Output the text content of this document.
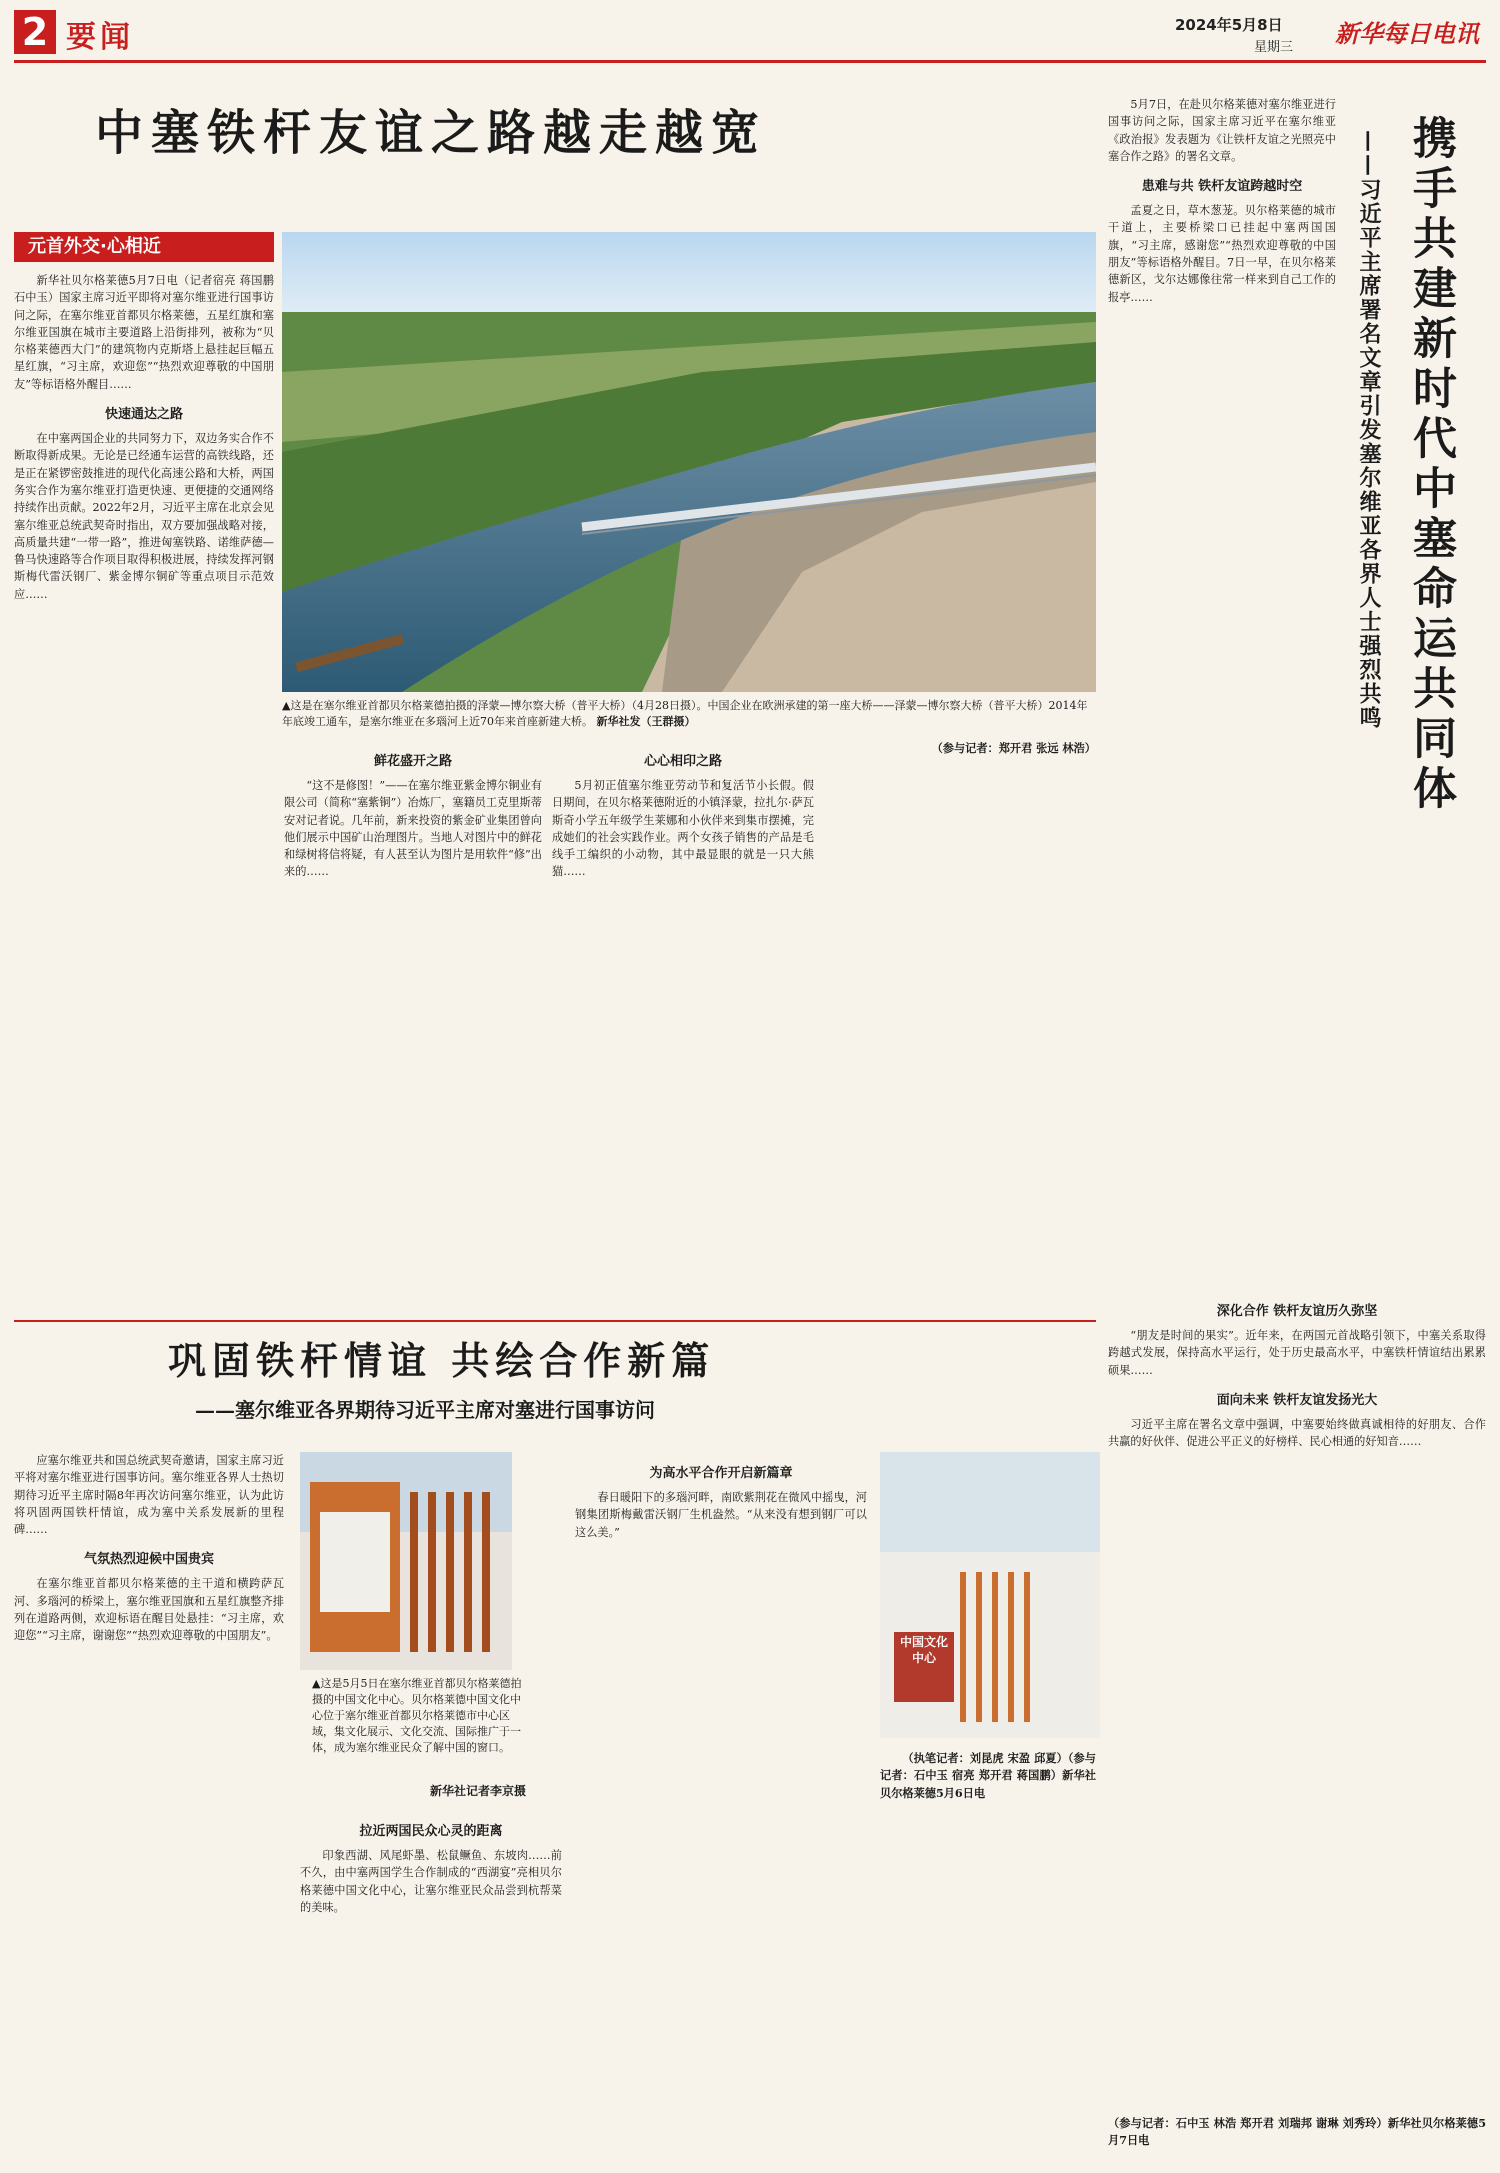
2 要闻	2024年5月8日
星期三 新华每日电讯
中塞铁杆友谊之路越走越宽
元首外交·心相近
▲这是在塞尔维亚首都贝尔格莱德拍摄的泽蒙—博尔察大桥（普平大桥）（4月28日摄）。中国企业在欧洲承建的第一座大桥——泽蒙—博尔察大桥（普平大桥）2014年年底竣工通车，是塞尔维亚在多瑙河上近70年来首座新建大桥。 新华社发（王群摄）

新华社贝尔格莱德5月7日电（记者宿亮 蒋国鹏 石中玉）国家主席习近平即将对塞尔维亚进行国事访问之际，在塞尔维亚首都贝尔格莱德，五星红旗和塞尔维亚国旗在城市主要道路上沿街排列，被称为“贝尔格莱德西大门”的建筑物内克斯塔上悬挂起巨幅五星红旗，“习主席，欢迎您”“热烈欢迎尊敬的中国朋友”等标语格外醒目……

快速通达之路

在中塞两国企业的共同努力下，双边务实合作不断取得新成果。无论是已经通车运营的高铁线路，还是正在紧锣密鼓推进的现代化高速公路和大桥，两国务实合作为塞尔维亚打造更快速、更便捷的交通网络持续作出贡献。2022年2月，习近平主席在北京会见塞尔维亚总统武契奇时指出，双方要加强战略对接，高质量共建“一带一路”，推进匈塞铁路、诺维萨德—鲁马快速路等合作项目取得积极进展，持续发挥河钢斯梅代雷沃钢厂、紫金博尔铜矿等重点项目示范效应……

鲜花盛开之路

“这不是修图！”——在塞尔维亚紫金博尔铜业有限公司（简称“塞紫铜”）冶炼厂，塞籍员工克里斯蒂安对记者说。几年前，新来投资的紫金矿业集团曾向他们展示中国矿山治理图片。当地人对图片中的鲜花和绿树将信将疑，有人甚至认为图片是用软件“修”出来的……

心心相印之路

5月初正值塞尔维亚劳动节和复活节小长假。假日期间，在贝尔格莱德附近的小镇泽蒙，拉扎尔·萨瓦斯奇小学五年级学生莱娜和小伙伴来到集市摆摊，完成她们的社会实践作业。两个女孩子销售的产品是毛线手工编织的小动物，其中最显眼的就是一只大熊猫……

（参与记者：郑开君 张远 林浩）	携手共建新时代中塞命运共同体
——习近平主席署名文章引发塞尔维亚各界人士强烈共鸣

5月7日，在赴贝尔格莱德对塞尔维亚进行国事访问之际，国家主席习近平在塞尔维亚《政治报》发表题为《让铁杆友谊之光照亮中塞合作之路》的署名文章。

患难与共 铁杆友谊跨越时空

孟夏之日，草木葱茏。贝尔格莱德的城市干道上，主要桥梁口已挂起中塞两国国旗，“习主席，感谢您”“热烈欢迎尊敬的中国朋友”等标语格外醒目。7日一早，在贝尔格莱德新区，戈尔达娜像往常一样来到自己工作的报亭……

深化合作 铁杆友谊历久弥坚

“朋友是时间的果实”。近年来，在两国元首战略引领下，中塞关系取得跨越式发展，保持高水平运行，处于历史最高水平，中塞铁杆情谊结出累累硕果……

面向未来 铁杆友谊发扬光大

习近平主席在署名文章中强调，中塞要始终做真诚相待的好朋友、合作共赢的好伙伴、促进公平正义的好榜样、民心相通的好知音……

（参与记者：石中玉 林浩 郑开君 刘瑞邦 谢琳 刘秀玲）新华社贝尔格莱德5月7日电
巩固铁杆情谊 共绘合作新篇
——塞尔维亚各界期待习近平主席对塞进行国事访问
▲这是5月5日在塞尔维亚首都贝尔格莱德拍摄的中国文化中心。贝尔格莱德中国文化中心位于塞尔维亚首都贝尔格莱德市中心区域，集文化展示、文化交流、国际推广于一体，成为塞尔维亚民众了解中国的窗口。
新华社记者李京摄
中国文化中心

应塞尔维亚共和国总统武契奇邀请，国家主席习近平将对塞尔维亚进行国事访问。塞尔维亚各界人士热切期待习近平主席时隔8年再次访问塞尔维亚，认为此访将巩固两国铁杆情谊，成为塞中关系发展新的里程碑……

气氛热烈迎候中国贵宾

在塞尔维亚首都贝尔格莱德的主干道和横跨萨瓦河、多瑙河的桥梁上，塞尔维亚国旗和五星红旗整齐排列在道路两侧，欢迎标语在醒目处悬挂：“习主席，欢迎您”“习主席，谢谢您”“热烈欢迎尊敬的中国朋友”。

拉近两国民众心灵的距离

印象西湖、风尾虾墨、松鼠鳜鱼、东坡肉……前不久，由中塞两国学生合作制成的“西湖宴”亮相贝尔格莱德中国文化中心，让塞尔维亚民众品尝到杭帮菜的美味。

为高水平合作开启新篇章

春日暖阳下的多瑙河畔，南欧紫荆花在微风中摇曳，河钢集团斯梅戴雷沃钢厂生机盎然。“从来没有想到钢厂可以这么美。”

（执笔记者：刘昆虎 宋盈 邱夏）（参与记者：石中玉 宿亮 郑开君 蒋国鹏）新华社贝尔格莱德5月6日电
